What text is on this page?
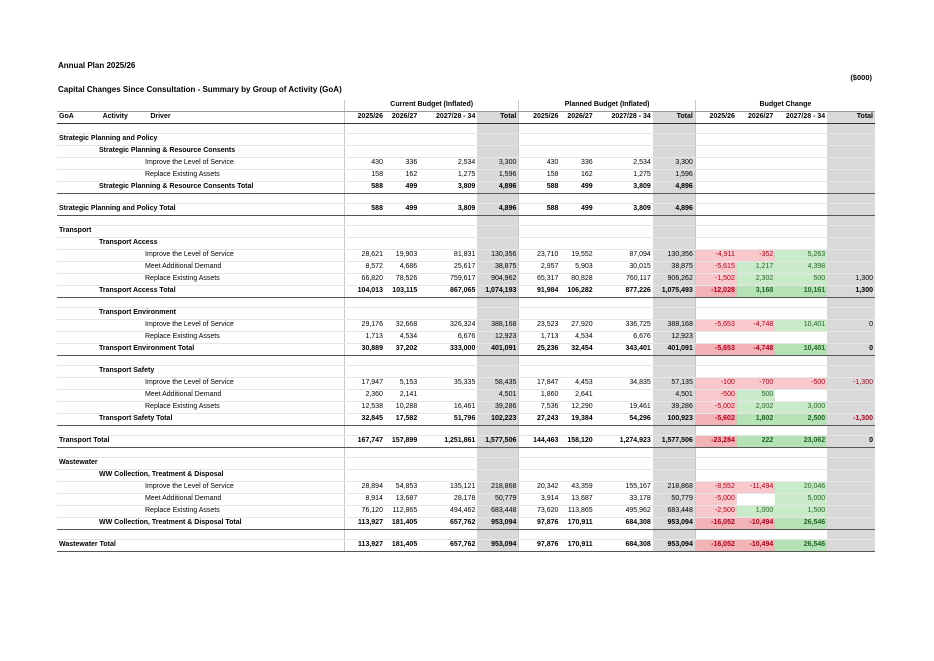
Annual Plan 2025/26
($000)
Capital Changes Since Consultation - Summary by Group of Activity (GoA)
			Current Budget (Inflated)				Planned Budget (Inflated)				Budget Change			
GoA	Activity	Driver	2025/26	2026/27	2027/28 - 34	Total	2025/26	2026/27	2027/28 - 34	Total	2025/26	2026/27	2027/28 - 34	Total

Strategic Planning and Policy														
Strategic Planning & Resource Consents														
Improve the Level of Service			430	336	2,534	3,300	430	336	2,534	3,300				
Replace Existing Assets			158	162	1,275	1,596	158	162	1,275	1,596				
Strategic Planning & Resource Consents Total			588	499	3,809	4,896	588	499	3,809	4,896				

Strategic Planning and Policy Total			588	499	3,809	4,896	588	499	3,809	4,896				

Transport														
Transport Access														
Improve the Level of Service			28,621	19,903	81,831	130,356	23,710	19,552	87,094	130,356	-4,911	-352	5,263	
Meet Additional Demand			8,572	4,686	25,617	38,875	2,957	5,903	30,015	38,875	-5,615	1,217	4,398	
Replace Existing Assets			66,820	78,526	759,617	904,962	65,317	80,828	760,117	906,262	-1,502	2,302	500	1,300
Transport Access Total			104,013	103,115	867,065	1,074,193	91,984	106,282	877,226	1,075,493	-12,028	3,168	10,161	1,300

Transport Environment														
Improve the Level of Service			29,176	32,668	326,324	388,168	23,523	27,920	336,725	388,168	-5,653	-4,748	10,401	0
Replace Existing Assets			1,713	4,534	6,676	12,923	1,713	4,534	6,676	12,923				
Transport Environment Total			30,889	37,202	333,000	401,091	25,236	32,454	343,401	401,091	-5,653	-4,748	10,401	0

Transport Safety														
Improve the Level of Service			17,947	5,153	35,335	58,435	17,847	4,453	34,835	57,135	-100	-700	-500	-1,300
Meet Additional Demand			2,360	2,141		4,501	1,860	2,641		4,501	-500	500		
Replace Existing Assets			12,538	10,288	16,461	39,286	7,536	12,290	19,461	39,286	-5,002	2,002	3,000	
Transport Safety Total			32,845	17,582	51,796	102,223	27,243	19,384	54,296	100,923	-5,602	1,802	2,500	-1,300

Transport Total			167,747	157,899	1,251,861	1,577,506	144,463	158,120	1,274,923	1,577,506	-23,284	222	23,062	0

Wastewater														
WW Collection, Treatment & Disposal														
Improve the Level of Service			28,894	54,853	135,121	218,868	20,342	43,359	155,167	218,868	-8,552	-11,494	20,046	
Meet Additional Demand			8,914	13,687	28,178	50,779	3,914	13,687	33,178	50,779	-5,000		5,000	
Replace Existing Assets			76,120	112,865	494,462	683,448	73,620	113,865	495,962	683,448	-2,500	1,000	1,500	
WW Collection, Treatment & Disposal Total			113,927	181,405	657,762	953,094	97,876	170,911	684,308	953,094	-16,052	-10,494	26,546	

Wastewater Total			113,927	181,405	657,762	953,094	97,876	170,911	684,308	953,094	-16,052	-10,494	26,546	
